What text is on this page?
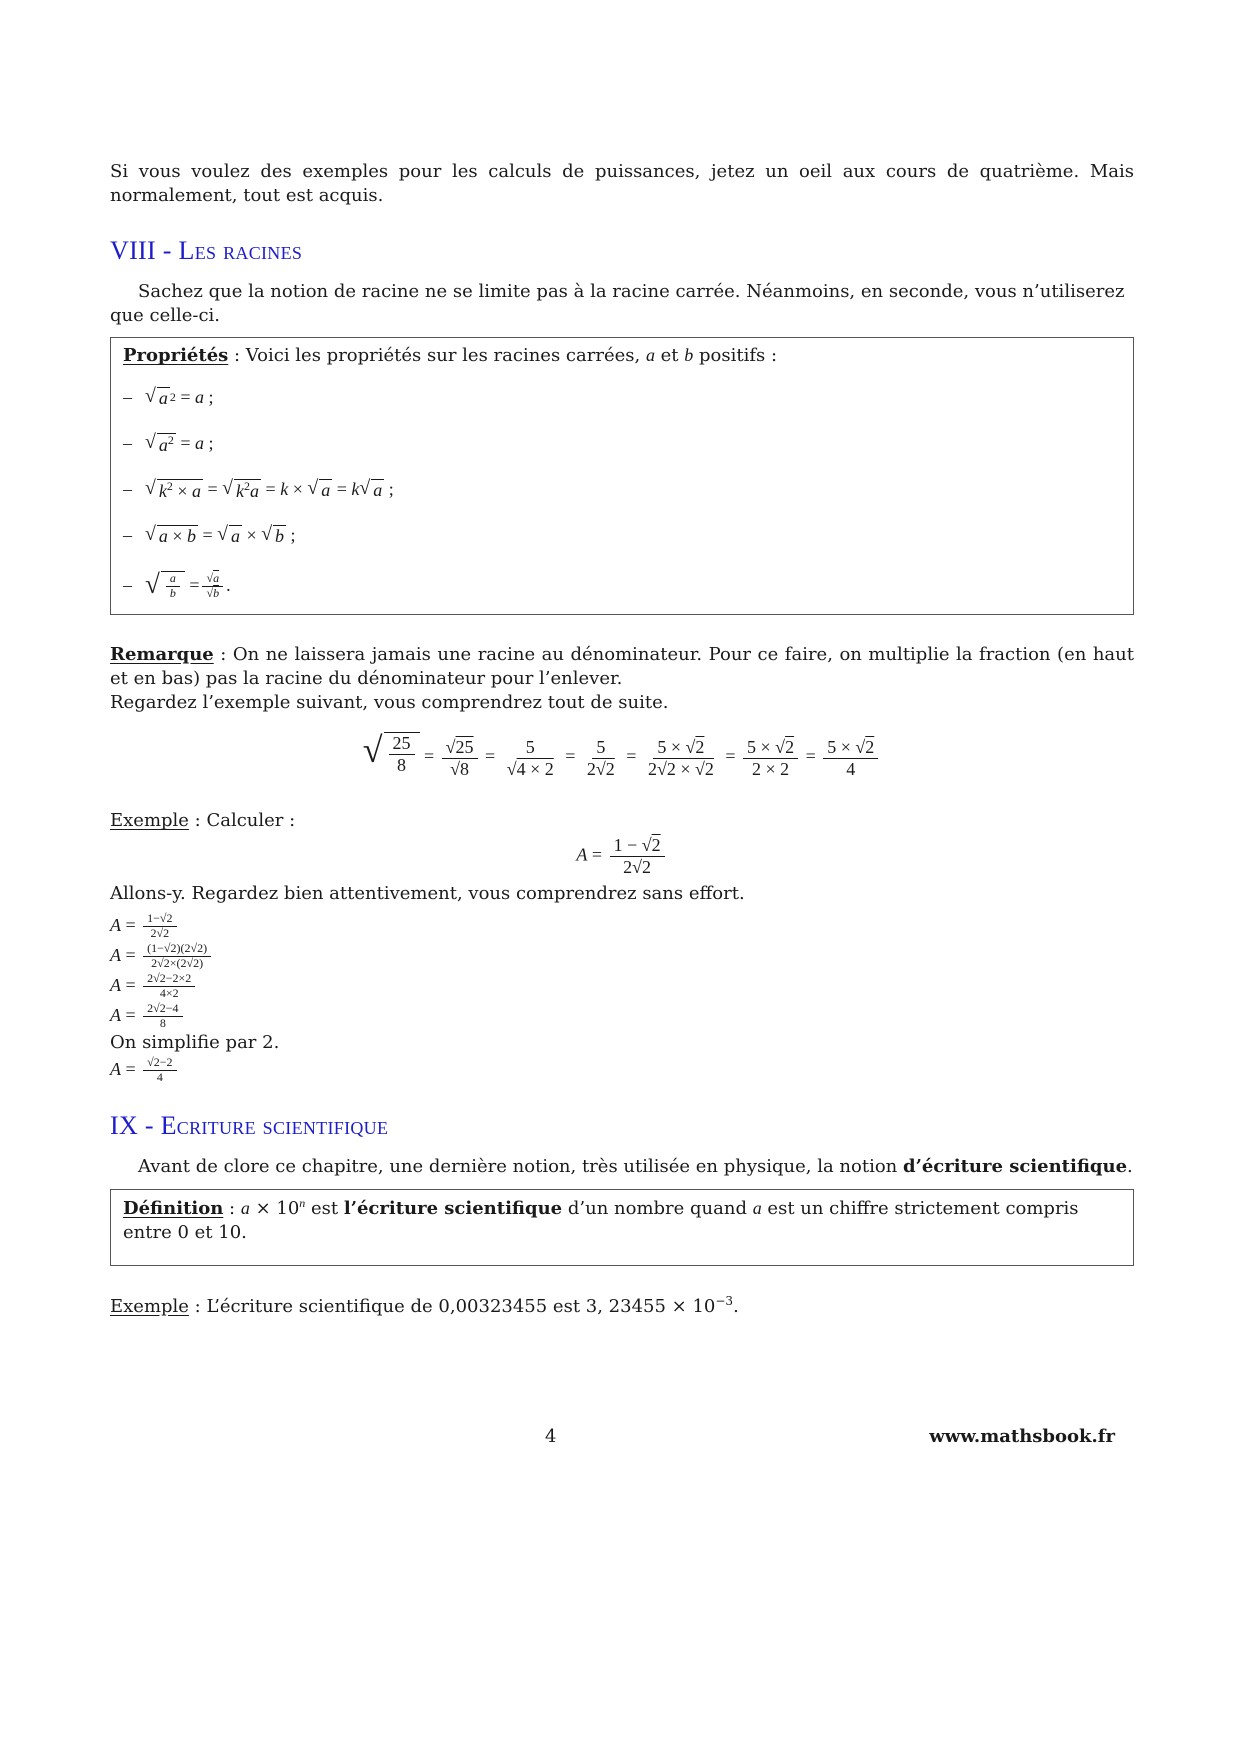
Si vous voulez des exemples pour les calculs de puissances, jetez un oeil aux cours de quatrième. Mais normalement, tout est acquis.

VIII - Les racines

Sachez que la notion de racine ne se limite pas à la racine carrée. Néanmoins, en seconde, vous n’utiliserez que celle-ci.

Propriétés : Voici les propriétés sur les racines carrées, a et b positifs :

– √ a 2 = a ;
– √ $a^2 = a$ ;
– √ $k^2 \times a$ = √ $k^2a = k$ × √ a = k √ a ;
– √ a × b = √ a × √ b ;
– √ $\frac{a}{b} = \frac{√a}{√b}$ .

Remarque : On ne laissera jamais une racine au dénominateur. Pour ce faire, on multiplie la fraction (en haut et en bas) pas la racine du dénominateur pour l’enlever.

Regardez l’exemple suivant, vous comprendrez tout de suite.

√ $\frac{25}{8} = \frac{√25}{√8} = \frac{5}{√4 \times 2} = \frac{5}{2√2} = \frac{5 \times √2}{2√2 \times √2} = \frac{5 \times √2}{2 \times 2} = \frac{5 \times √2}{4}$

Exemple : Calculer :

$A = \frac{1 - √2}{2√2}$

Allons-y. Regardez bien attentivement, vous comprendrez sans effort.

$A = \frac{1-√2}{2√2}$
$A = \frac{(1-√2)(2√2)}{2√2\times(2√2)}$
$A = \frac{2√2-2\times 2}{4\times 2}$
$A = \frac{2√2-4}{8}$

On simplifie par 2.

$A = \frac{√2-2}{4}$
IX - Ecriture scientifique

Avant de clore ce chapitre, une dernière notion, très utilisée en physique, la notion d’écriture scientifique.

Définition : $a \times 10^n$ est l’écriture scientifique d’un nombre quand a est un chiffre strictement compris entre 0 et 10.

Exemple : L’écriture scientifique de 0,00323455 est 3, $23455 \times 10^{-3}$.

4	www.mathsbook.fr
